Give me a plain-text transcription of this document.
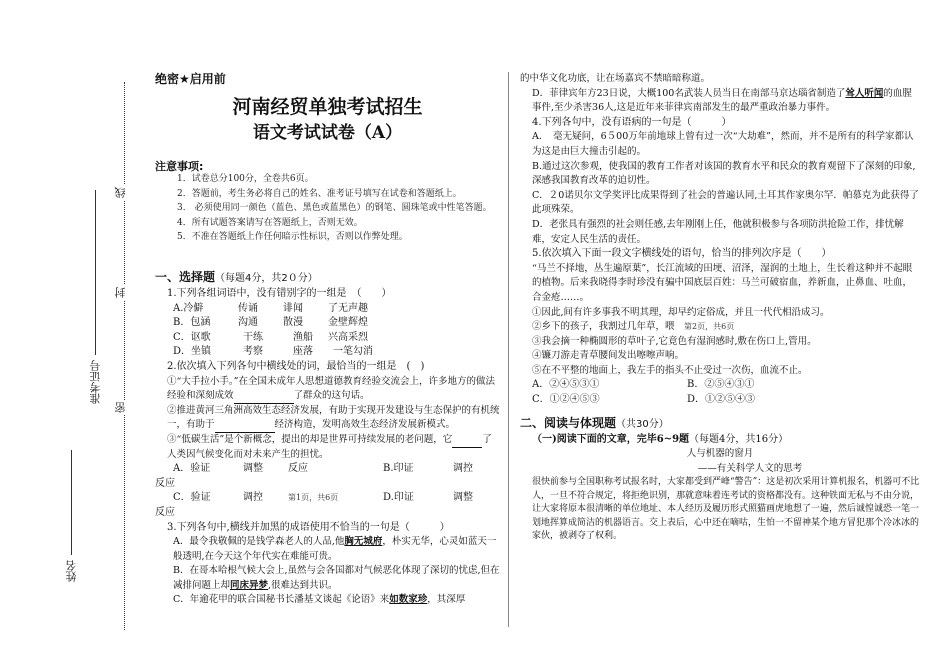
线
封
密
准考证号
姓名
绝密★启用前
河南经贸单独考试招生
语文考试试卷（A）
注意事项:
1．试卷总分100分，全卷共6页。
2．答题前，考生务必将自己的姓名、准考证号填写在试卷和答题纸上。
3． 必须使用同一颜色（蓝色、黑色或蓝黑色）的钢笔、圆珠笔或中性笔答题。
4．所有试题答案请写在答题纸上，否则无效。
5．不准在答题纸上作任何暗示性标识，否则以作弊处理。
一、选择题（每题4分，共2０分）

1.下列各组词语中，没有错别字的一组是　（　　）

A.冷僻	传诵	诽闻	了无声趣
B．包涵	沟通	散漫	金壁辉煌
C．讴歌	干练	渔船	兴高采烈
D．坐镇	考察	座落	一笔勾消

2.依次填入下列各句中横线处的词，最恰当的一组是　(　)

①“大手拉小手。”在全国未成年人思想道德教育经验交流会上，许多地方的做法经验和深刻成效	了群众的这句话。

②推进黄河三角洲高效生态经济发展，有助于实现开发建设与生态保护的有机统一，有助于	经济构造，发明高效生态经济发展新模式。

③“低碳生活”是个新概念，提出的却是世界可持续发展的老问题，它	了人类因气候变化而对未来产生的担忧。

A．验证	调整	反应	B.印证	调控

反应

C．验证	调控	第1页，共6页	D.印证	调整

反应

3.下列各句中,横线并加黑的成语使用不恰当的一句是（　　　）

A．最令我敬佩的是钱学森老人的人品,他胸无城府，朴实无华，心灵如蓝天一般透明,在今天这个年代实在难能可贵。

B．在哥本哈根气候大会上,虽然与会各国都对气候恶化体现了深切的忧虑,但在减排问题上却同床异梦,很难达到共识。

C．年逾花甲的联合国秘书长潘基文谈起《论语》来如数家珍，其深厚

的中华文化功底，让在场嘉宾不禁暗暗称道。

D．菲律宾年方23日说，大概100名武装人员当日在南部马京达瑙省制造了耸人听闻的血腥事件,至少杀害36人,这是近年来菲律宾南部发生的最严重政治暴力事件。

4.下列各句中，没有语病的一句是（　　　）

A．　毫无疑问，6５00万年前地球上曾有过一次“大劫难”，然而，并不是所有的科学家都认为这是由巨大撞击引起的。

B.通过这次参观，使我国的教育工作者对该国的教育水平和民众的教育观留下了深刻的印象,深感我国教育改革的迫切性。

C．２0诺贝尔文学奖评比成果得到了社会的普遍认同,土耳其作家奥尔罕．帕慕克为此获得了此项殊荣。

D．老张具有强烈的社会则任感,去年刚刚上任，他就积极参与各项防洪抢险工作，排忧解难，安定人民生活的责任。

5.依次填入下面一段文字横线处的语句，恰当的排列次序是（　　）

“马兰不择地，丛生遍原葉”，长江流域的田埂、沼泽，湿润的土地上，生长着这种并不起眼的植物。后来我晓得李时珍没有骗中国底层百姓：马兰可破宿血，养新血，止鼻血、吐血，合金疮……。

①因此,间有许多事我不明其理，却早约定俗成，并且一代代相沿成习。

②乡下的孩子，我割过几年草，喂　 第2页，共6页

③我会摘一种椭圆形的草叶子,它竟色有湿润感时,敷在伤口上,管用。

④镰刀游走青草腰间发出嚓嚓声响。

⑤在不平整的地面上，我左手的指头不止受过一次伤，血流不止。

A．②④⑤③①	B．②⑤④③①
C．①②④⑤③	D．①②⑤④③
二、阅读与体现题（共30分）

（一)阅读下面的文章，完毕6~9题（每题4分，共16分）

人与机器的窗月

——有关科学人文的思考

很快前参与全国职称考试报名时，大家都受到严峰“警告”：这是初次采用计算机报名，机器可不比人，一旦不符合规定，将拒绝识别，那就意味着连考试的资格都没有。这种铁面无私与不由分说，让大家将原本很清晰的单位地址、本人经历及履历形式照猫画虎地想了一遍，然后诚惶诚恐一笔一划地挥算成简洁的机器语言。交上表后，心中还在嘀咕，生怕一不留神某个地方冒犯那个冷冰冰的家伙，被剥夺了权利。
